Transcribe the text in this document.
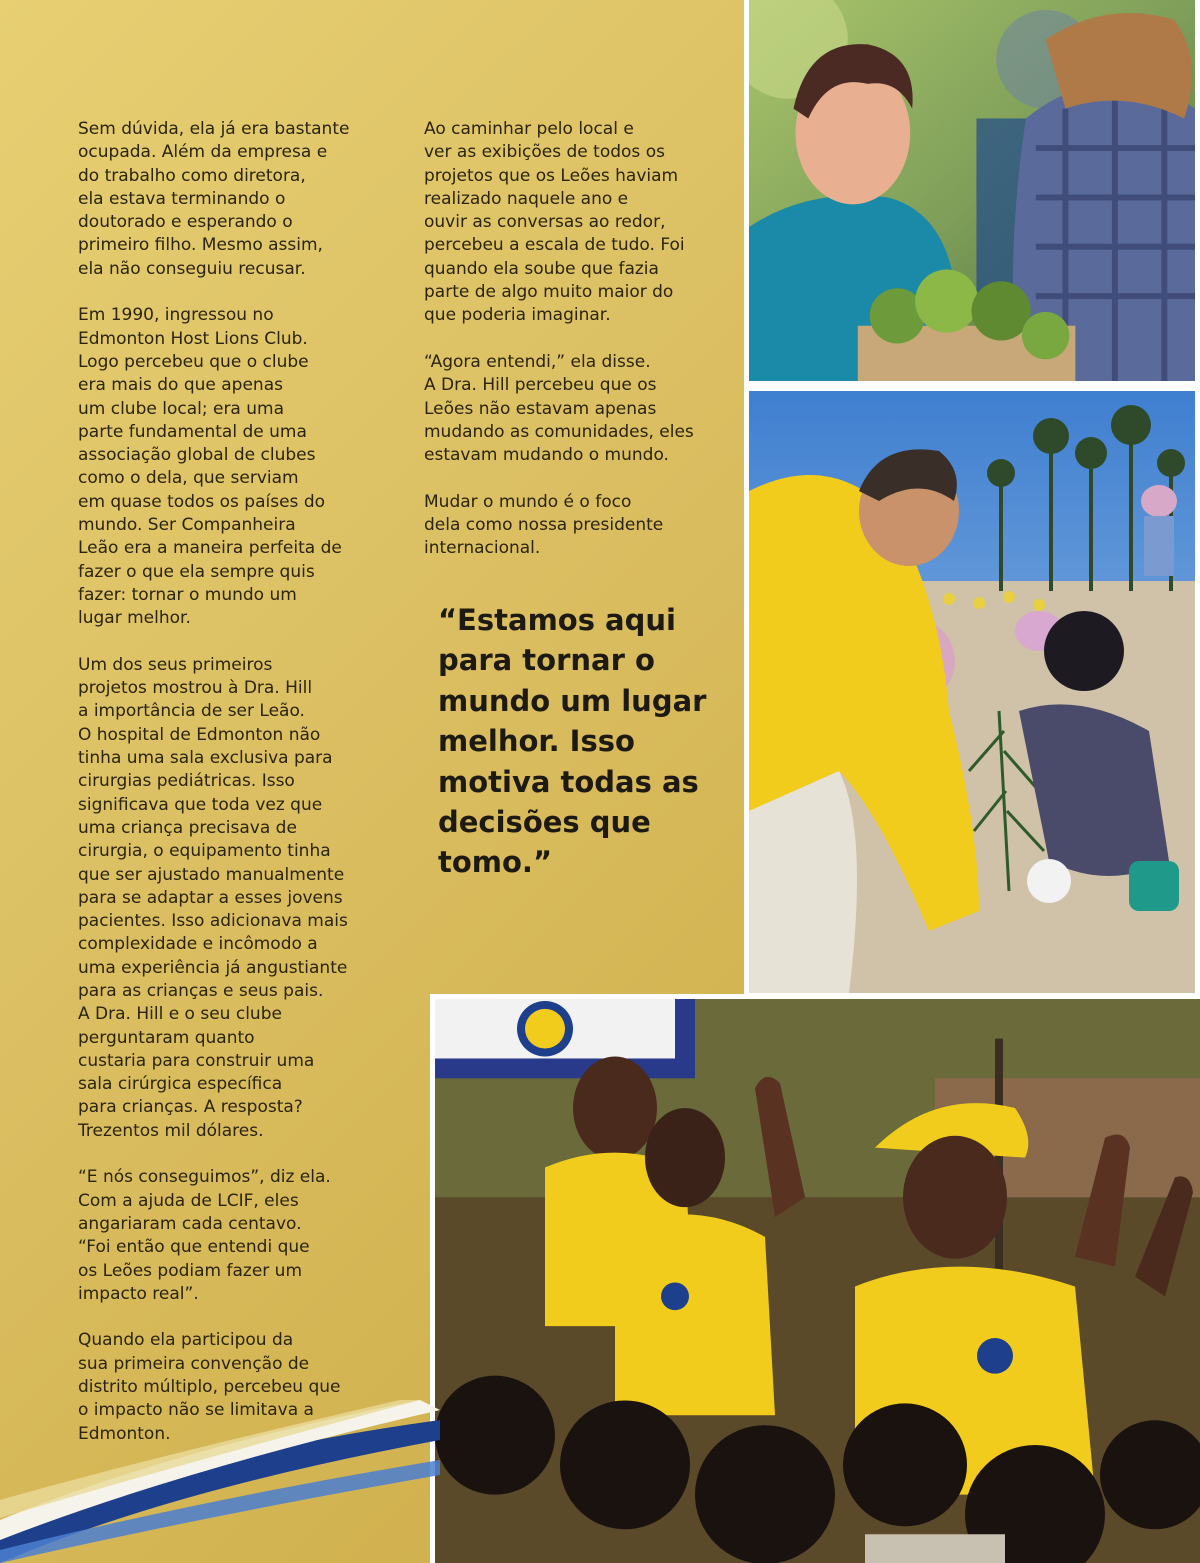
Sem dúvida, ela já era bastante
ocupada. Além da empresa e
do trabalho como diretora,
ela estava terminando o
doutorado e esperando o
primeiro filho. Mesmo assim,
ela não conseguiu recusar.

Em 1990, ingressou no
Edmonton Host Lions Club.
Logo percebeu que o clube
era mais do que apenas
um clube local; era uma
parte fundamental de uma
associação global de clubes
como o dela, que serviam
em quase todos os países do
mundo. Ser Companheira
Leão era a maneira perfeita de
fazer o que ela sempre quis
fazer: tornar o mundo um
lugar melhor.

Um dos seus primeiros
projetos mostrou à Dra. Hill
a importância de ser Leão.
O hospital de Edmonton não
tinha uma sala exclusiva para
cirurgias pediátricas. Isso
significava que toda vez que
uma criança precisava de
cirurgia, o equipamento tinha
que ser ajustado manualmente
para se adaptar a esses jovens
pacientes. Isso adicionava mais
complexidade e incômodo a
uma experiência já angustiante
para as crianças e seus pais.
A Dra. Hill e o seu clube
perguntaram quanto
custaria para construir uma
sala cirúrgica específica
para crianças. A resposta?
Trezentos mil dólares.

“E nós conseguimos”, diz ela.
Com a ajuda de LCIF, eles
angariaram cada centavo.
“Foi então que entendi que
os Leões podiam fazer um
impacto real”.

Quando ela participou da
sua primeira convenção de
distrito múltiplo, percebeu que
o impacto não se limitava a
Edmonton.

Ao caminhar pelo local e
ver as exibições de todos os
projetos que os Leões haviam
realizado naquele ano e
ouvir as conversas ao redor,
percebeu a escala de tudo. Foi
quando ela soube que fazia
parte de algo muito maior do
que poderia imaginar.

“Agora entendi,” ela disse.
A Dra. Hill percebeu que os
Leões não estavam apenas
mudando as comunidades, eles
estavam mudando o mundo.

Mudar o mundo é o foco
dela como nossa presidente
internacional.

“Estamos aqui
para tornar o
mundo um lugar
melhor. Isso
motiva todas as
decisões que
tomo.”
